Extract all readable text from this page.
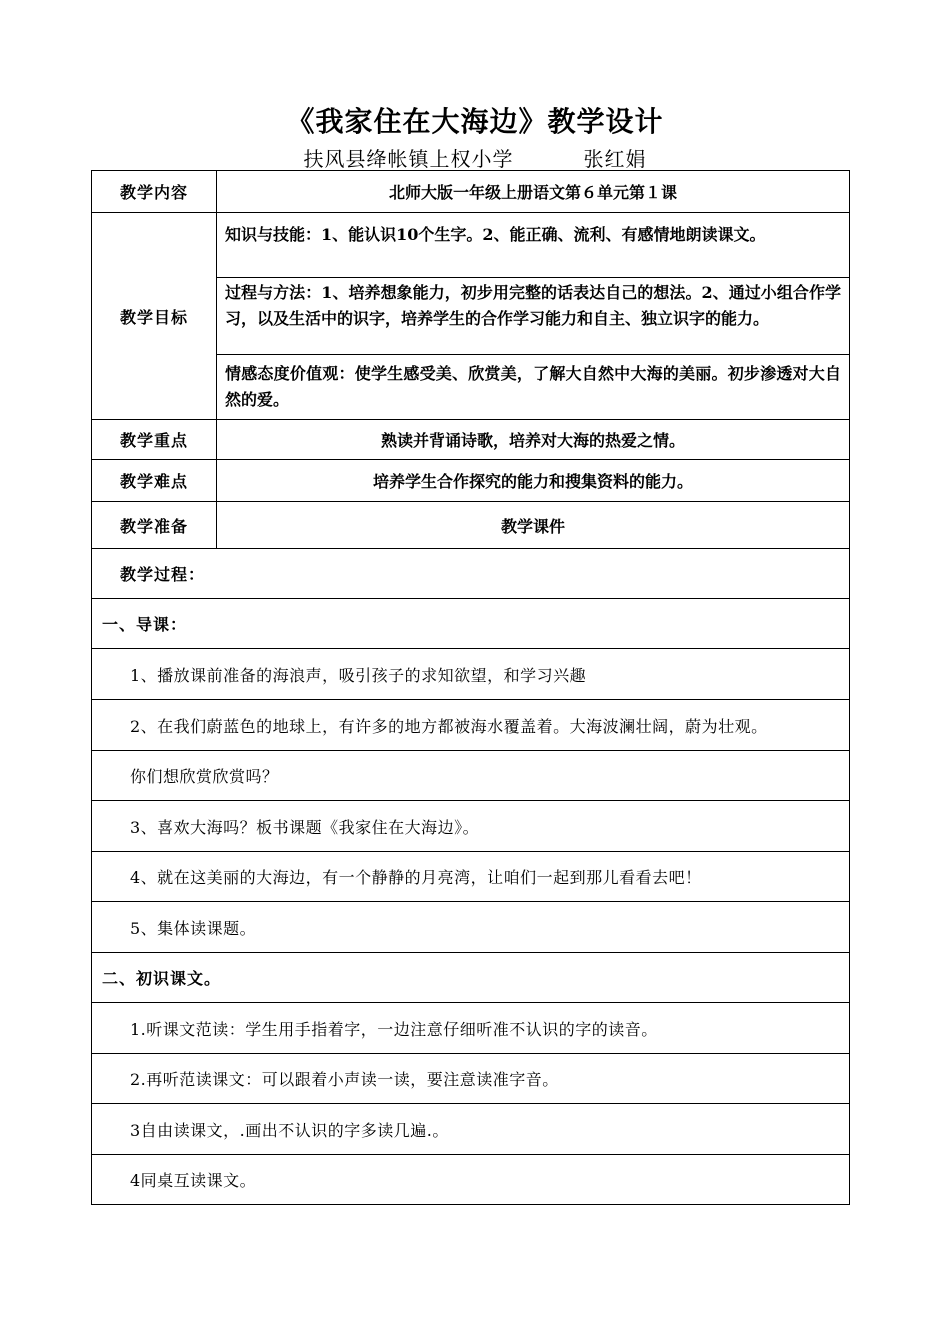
《我家住在大海边》教学设计
扶风县绛帐镇上权小学	张红娟
教学内容	北师大版一年级上册语文第６单元第１课
教学目标	知识与技能：1、能认识10个生字。2、能正确、流利、有感情地朗读课文。
	过程与方法：1、培养想象能力，初步用完整的话表达自己的想法。2、通过小组合作学习，以及生活中的识字，培养学生的合作学习能力和自主、独立识字的能力。
	情感态度价值观：使学生感受美、欣赏美，了解大自然中大海的美丽。初步渗透对大自然的爱。
教学重点	熟读并背诵诗歌，培养对大海的热爱之情。
教学难点	培养学生合作探究的能力和搜集资料的能力。
教学准备	教学课件
教学过程：	
一、导课：	
1、播放课前准备的海浪声，吸引孩子的求知欲望，和学习兴趣	
2、在我们蔚蓝色的地球上，有许多的地方都被海水覆盖着。大海波澜壮阔，蔚为壮观。	
你们想欣赏欣赏吗？	
3、喜欢大海吗？板书课题《我家住在大海边》。	
4、就在这美丽的大海边，有一个静静的月亮湾，让咱们一起到那儿看看去吧！	
5、集体读课题。	
二、初识课文。	
1.听课文范读：学生用手指着字，一边注意仔细听准不认识的字的读音。	
2.再听范读课文：可以跟着小声读一读，要注意读准字音。	
3自由读课文，.画出不认识的字多读几遍.。	
4同桌互读课文。	
